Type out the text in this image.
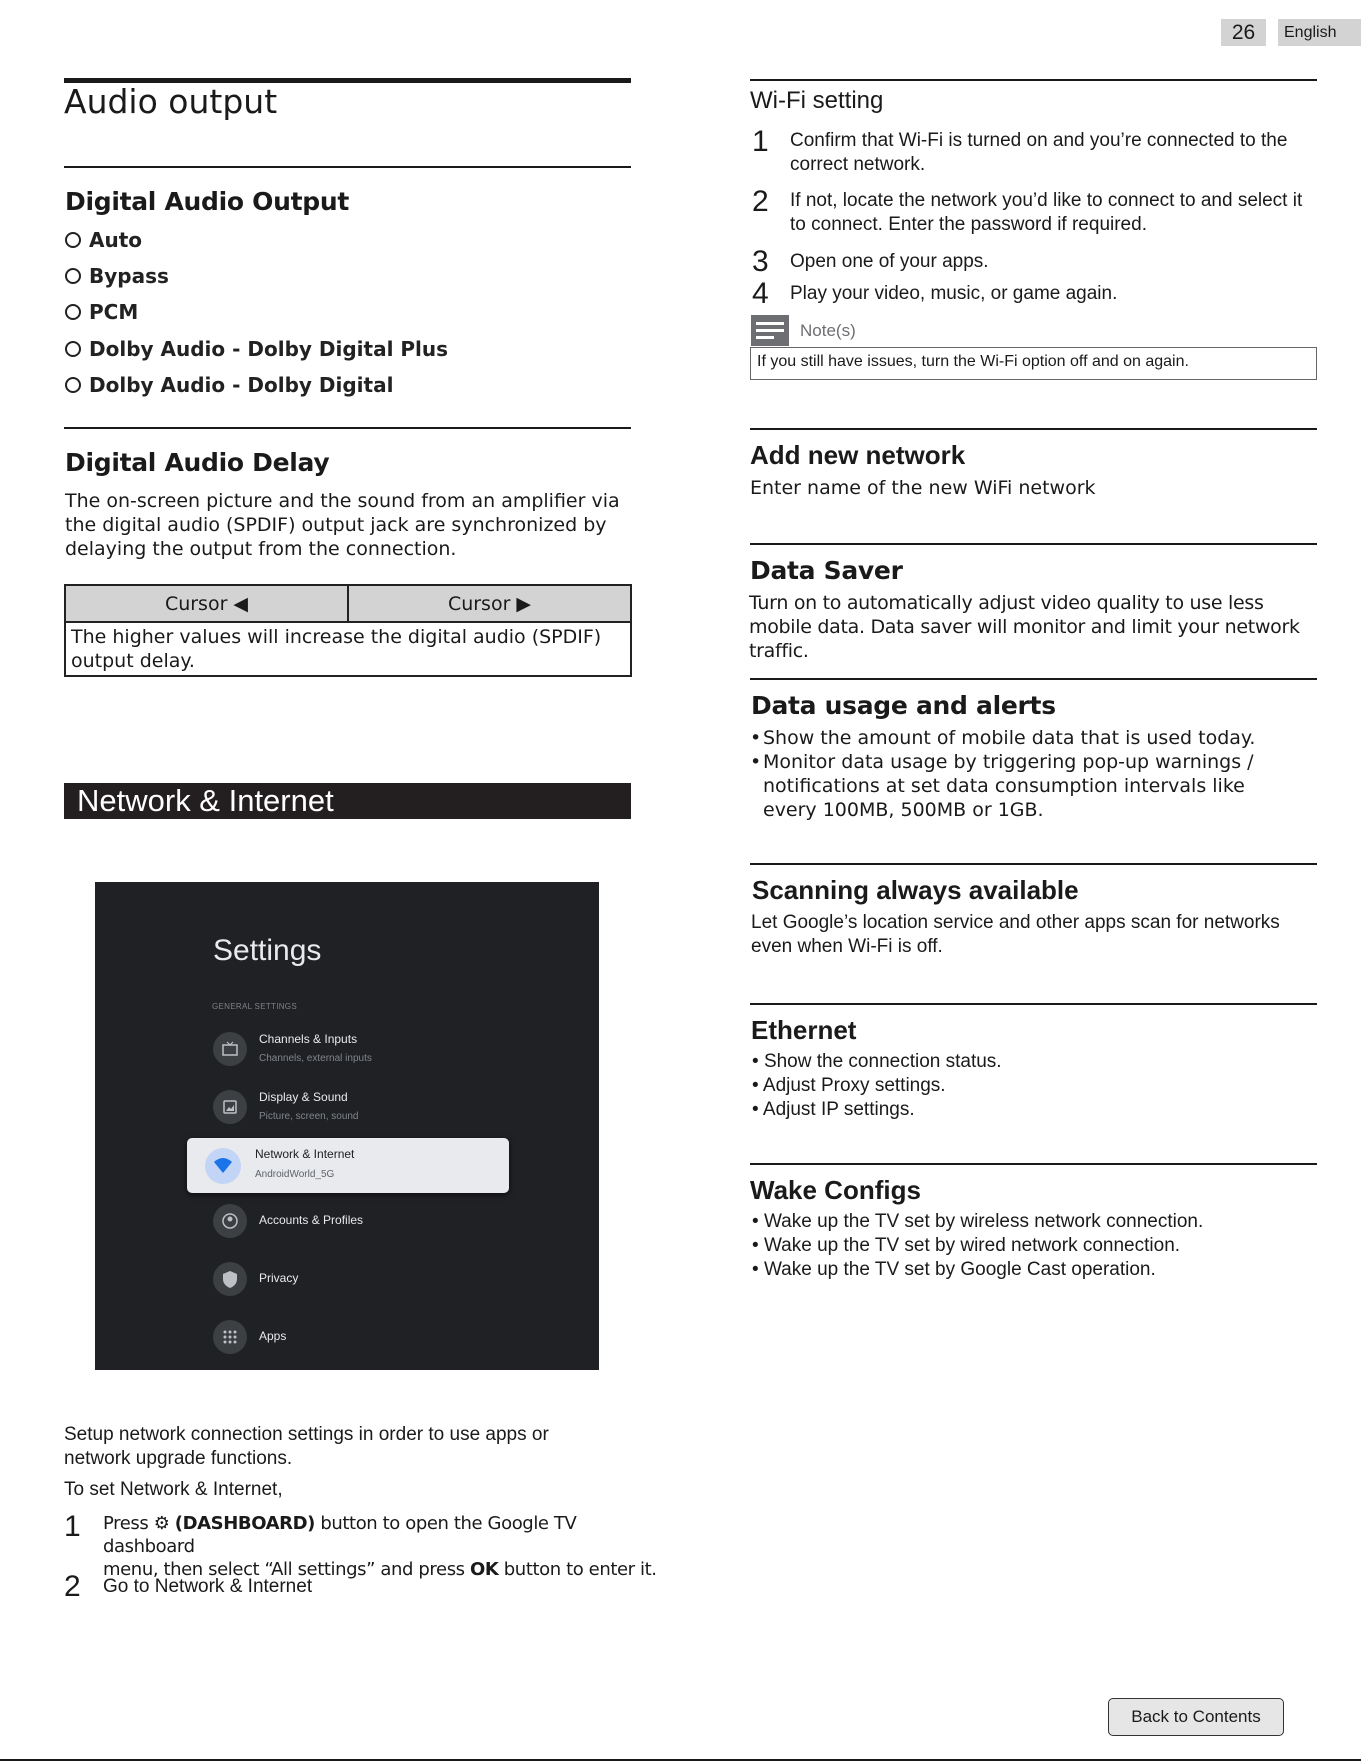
26	English
Audio output
Digital Audio Output
Auto
Bypass
PCM
Dolby Audio - Dolby Digital Plus
Dolby Audio - Dolby Digital
Digital Audio Delay
The on-screen picture and the sound from an amplifier via the digital audio (SPDIF) output jack are synchronized by delaying the output from the connection.
Cursor ◀	Cursor ▶
The higher values will increase the digital audio (SPDIF) output delay.
Network & Internet
Settings
GENERAL SETTINGS
Channels & Inputs
Channels, external inputs
Display & Sound
Picture, screen, sound
Network & Internet
AndroidWorld_5G
Accounts & Profiles
Privacy
Apps
Setup network connection settings in order to use apps or network upgrade functions.
To set Network & Internet,
1 Press ⚙ (DASHBOARD) button to open the Google TV dashboard
menu, then select “All settings” and press OK button to enter it.
2 Go to Network & Internet
Wi-Fi setting
1 Confirm that Wi-Fi is turned on and you’re connected to the correct network.
2 If not, locate the network you’d like to connect to and select it to connect. Enter the password if required.
3 Open one of your apps.
4 Play your video, music, or game again.
Note(s)
If you still have issues, turn the Wi-Fi option off and on again.
Add new network
Enter name of the new WiFi network
Data Saver
Turn on to automatically adjust video quality to use less mobile data. Data saver will monitor and limit your network traffic.
Data usage and alerts
• Show the amount of mobile data that is used today.
• Monitor data usage by triggering pop-up warnings / notifications at set data consumption intervals like every 100MB, 500MB or 1GB.
Scanning always available
Let Google’s location service and other apps scan for networks even when Wi-Fi is off.
Ethernet
• Show the connection status.
• Adjust Proxy settings.
• Adjust IP settings.
Wake Configs
• Wake up the TV set by wireless network connection.
• Wake up the TV set by wired network connection.
• Wake up the TV set by Google Cast operation.
Back to Contents
